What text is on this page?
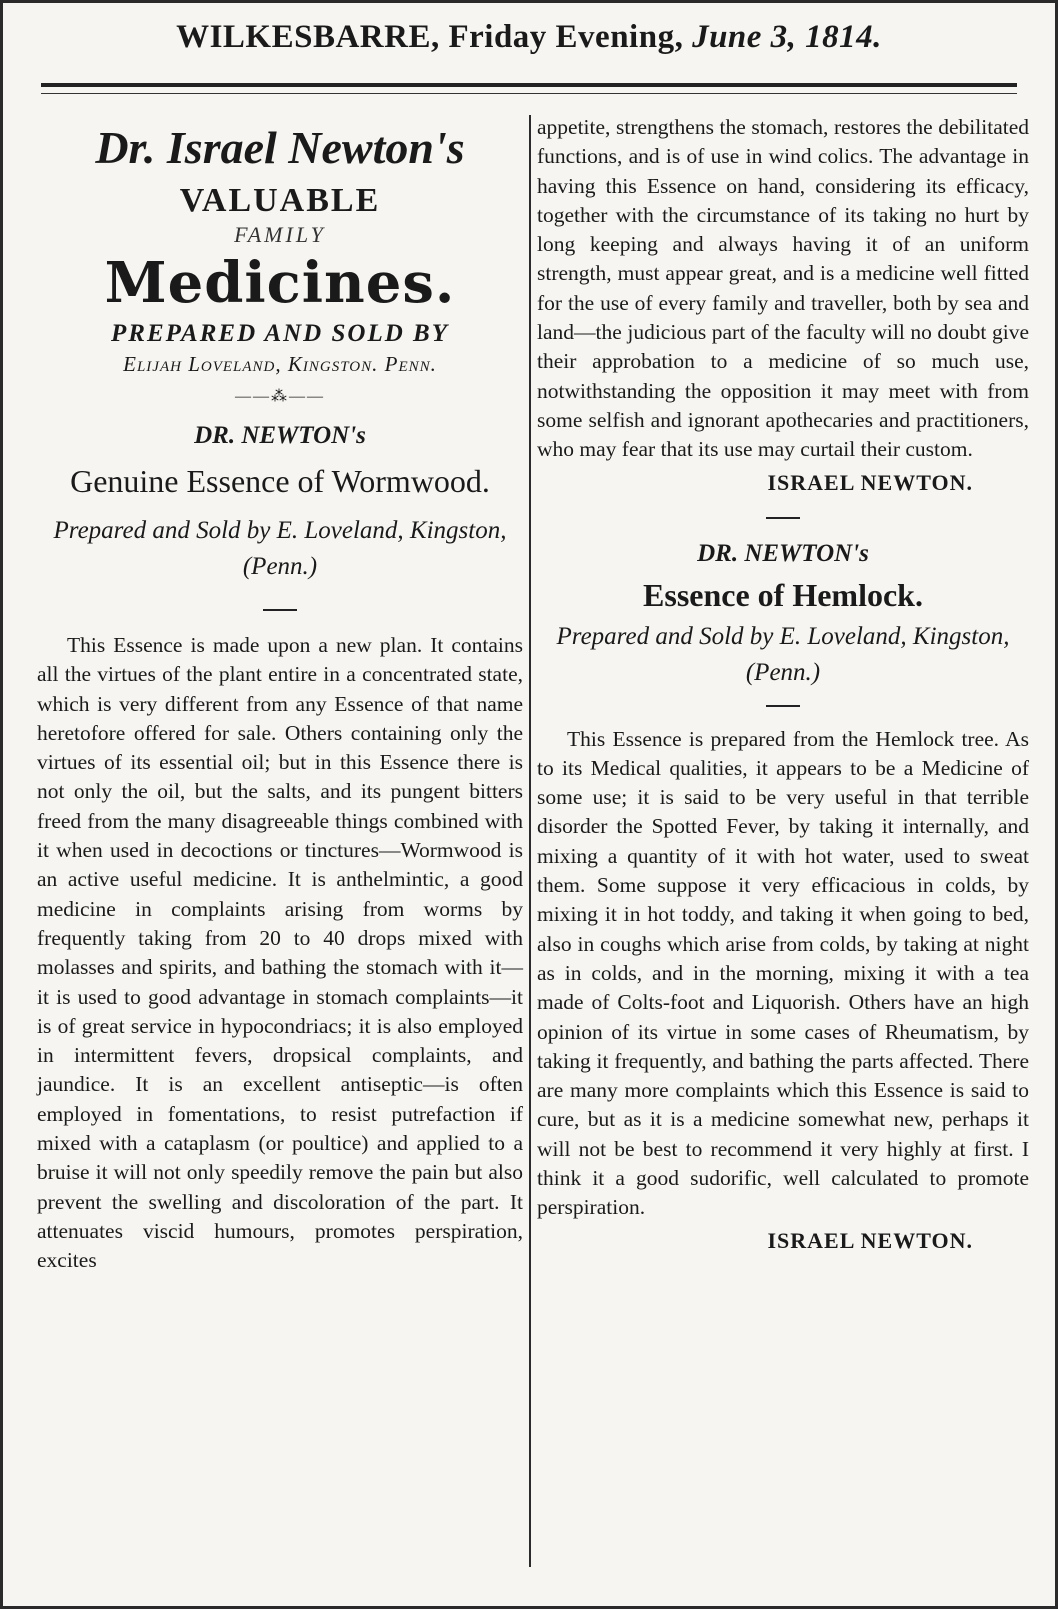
WILKESBARRE, Friday Evening, June 3, 1814.
Dr. Israel Newton's
VALUABLE
FAMILY
Medicines.
PREPARED AND SOLD BY
Elijah Loveland, Kingston. Penn.
——⁂——
DR. NEWTON's
Genuine Essence of Wormwood.
Prepared and Sold by E. Loveland, Kingston, (Penn.)

This Essence is made upon a new plan. It contains all the virtues of the plant entire in a concentrated state, which is very different from any Essence of that name heretofore offered for sale. Others containing only the virtues of its essential oil; but in this Essence there is not only the oil, but the salts, and its pungent bitters freed from the many disagreeable things combined with it when used in decoctions or tinctures—Wormwood is an active useful medicine. It is anthelmintic, a good medicine in complaints arising from worms by frequently taking from 20 to 40 drops mixed with molasses and spirits, and bathing the stomach with it—it is used to good advantage in stomach complaints—it is of great service in hypocondriacs; it is also employed in intermittent fevers, dropsical complaints, and jaundice. It is an excellent antiseptic—is often employed in fomentations, to resist putrefaction if mixed with a cataplasm (or poultice) and applied to a bruise it will not only speedily remove the pain but also prevent the swelling and discoloration of the part. It attenuates viscid humours, promotes perspiration, excites

appetite, strengthens the stomach, restores the debilitated functions, and is of use in wind colics. The advantage in having this Essence on hand, considering its efficacy, together with the circumstance of its taking no hurt by long keeping and always having it of an uniform strength, must appear great, and is a medicine well fitted for the use of every family and traveller, both by sea and land—the judicious part of the faculty will no doubt give their approbation to a medicine of so much use, notwithstanding the opposition it may meet with from some selfish and ignorant apothecaries and practitioners, who may fear that its use may curtail their custom.

ISRAEL NEWTON.
DR. NEWTON's
Essence of Hemlock.
Prepared and Sold by E. Loveland, Kingston, (Penn.)

This Essence is prepared from the Hemlock tree. As to its Medical qualities, it appears to be a Medicine of some use; it is said to be very useful in that terrible disorder the Spotted Fever, by taking it internally, and mixing a quantity of it with hot water, used to sweat them. Some suppose it very efficacious in colds, by mixing it in hot toddy, and taking it when going to bed, also in coughs which arise from colds, by taking at night as in colds, and in the morning, mixing it with a tea made of Colts-foot and Liquorish. Others have an high opinion of its virtue in some cases of Rheumatism, by taking it frequently, and bathing the parts affected. There are many more complaints which this Essence is said to cure, but as it is a medicine somewhat new, perhaps it will not be best to recommend it very highly at first. I think it a good sudorific, well calculated to promote perspiration.

ISRAEL NEWTON.
